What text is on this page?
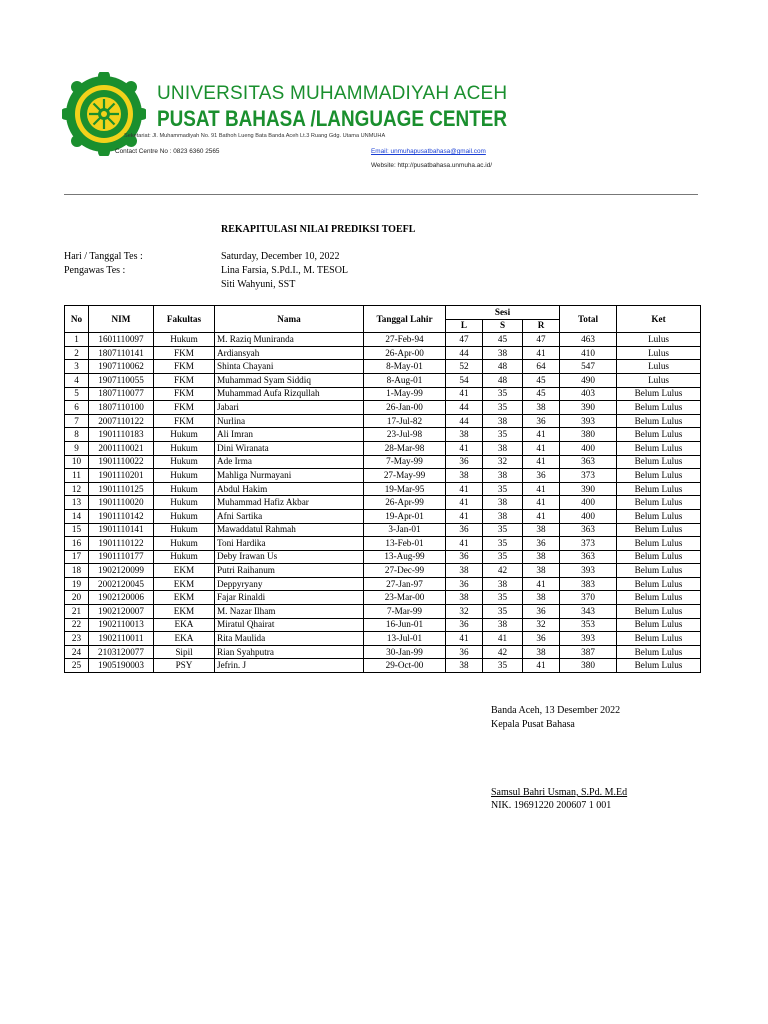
UNIVERSITAS MUHAMMADIYAH ACEH
PUSAT BAHASA /LANGUAGE CENTER
Seketariat: Jl. Muhammadiyah No. 91 Bathoh Lueng Bata Banda Aceh Lt.3 Ruang Gdg. Utama UNMUHA
Contact Centre No : 0823 6360 2565	Email: unmuhapusatbahasa@gmail.com
Website: http://pusatbahasa.unmuha.ac.id/
REKAPITULASI NILAI PREDIKSI TOEFL
Hari / Tanggal Tes :	Saturday, December 10, 2022
Pengawas Tes :	Lina Farsia, S.Pd.I., M. TESOL
Siti Wahyuni, SST
No	NIM	Fakultas	Nama	Tanggal Lahir	Sesi			Total	Ket
					L	S	R		
1	1601110097	Hukum	M. Raziq Muniranda	27-Feb-94	47	45	47	463	Lulus
2	1807110141	FKM	Ardiansyah	26-Apr-00	44	38	41	410	Lulus
3	1907110062	FKM	Shinta Chayani	8-May-01	52	48	64	547	Lulus
4	1907110055	FKM	Muhammad Syam Siddiq	8-Aug-01	54	48	45	490	Lulus
5	1807110077	FKM	Muhammad Aufa Rizqullah	1-May-99	41	35	45	403	Belum Lulus
6	1807110100	FKM	Jabari	26-Jan-00	44	35	38	390	Belum Lulus
7	2007110122	FKM	Nurlina	17-Jul-82	44	38	36	393	Belum Lulus
8	1901110183	Hukum	Ali Imran	23-Jul-98	38	35	41	380	Belum Lulus
9	2001110021	Hukum	Dini Wiranata	28-Mar-98	41	38	41	400	Belum Lulus
10	1901110022	Hukum	Ade Irma	7-May-99	36	32	41	363	Belum Lulus
11	1901110201	Hukum	Mahliga Nurmayani	27-May-99	38	38	36	373	Belum Lulus
12	1901110125	Hukum	Abdul Hakim	19-Mar-95	41	35	41	390	Belum Lulus
13	1901110020	Hukum	Muhammad Hafiz Akbar	26-Apr-99	41	38	41	400	Belum Lulus
14	1901110142	Hukum	Afni Sartika	19-Apr-01	41	38	41	400	Belum Lulus
15	1901110141	Hukum	Mawaddatul Rahmah	3-Jan-01	36	35	38	363	Belum Lulus
16	1901110122	Hukum	Toni Hardika	13-Feb-01	41	35	36	373	Belum Lulus
17	1901110177	Hukum	Deby Irawan Us	13-Aug-99	36	35	38	363	Belum Lulus
18	1902120099	EKM	Putri Raihanum	27-Dec-99	38	42	38	393	Belum Lulus
19	2002120045	EKM	Deppyryany	27-Jan-97	36	38	41	383	Belum Lulus
20	1902120006	EKM	Fajar Rinaldi	23-Mar-00	38	35	38	370	Belum Lulus
21	1902120007	EKM	M. Nazar Ilham	7-Mar-99	32	35	36	343	Belum Lulus
22	1902110013	EKA	Miratul Qhairat	16-Jun-01	36	38	32	353	Belum Lulus
23	1902110011	EKA	Rita Maulida	13-Jul-01	41	41	36	393	Belum Lulus
24	2103120077	Sipil	Rian Syahputra	30-Jan-99	36	42	38	387	Belum Lulus
25	1905190003	PSY	Jefrin. J	29-Oct-00	38	35	41	380	Belum Lulus
Banda Aceh, 13 Desember 2022
Kepala Pusat Bahasa
Samsul Bahri Usman, S.Pd. M.Ed
NIK. 19691220 200607 1 001
